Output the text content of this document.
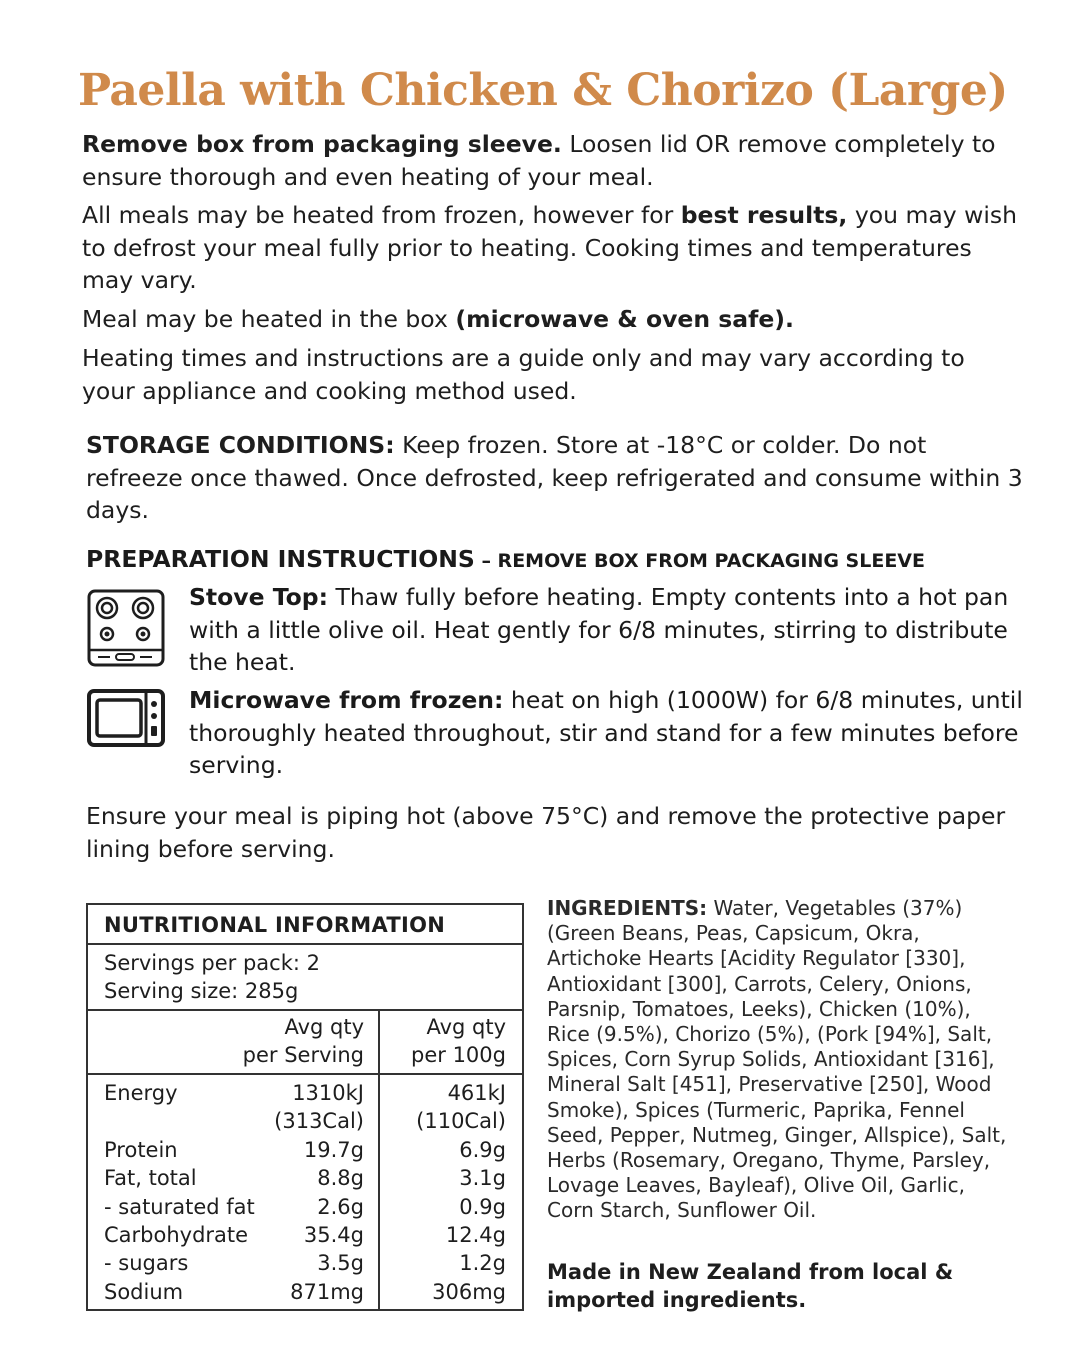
Paella with Chicken & Chorizo (Large)
Remove box from packaging sleeve. Loosen lid OR remove completely to ensure thorough and even heating of your meal.
All meals may be heated from frozen, however for best results, you may wish to defrost your meal fully prior to heating. Cooking times and temperatures may vary.
Meal may be heated in the box (microwave & oven safe).
Heating times and instructions are a guide only and may vary according to your appliance and cooking method used.
STORAGE CONDITIONS: Keep frozen. Store at -18°C or colder. Do not refreeze once thawed. Once defrosted, keep refrigerated and consume within 3 days.
PREPARATION INSTRUCTIONS – REMOVE BOX FROM PACKAGING SLEEVE
Stove Top: Thaw fully before heating. Empty contents into a hot pan with a little olive oil. Heat gently for 6/8 minutes, stirring to distribute the heat.
Microwave from frozen: heat on high (1000W) for 6/8 minutes, until thoroughly heated throughout, stir and stand for a few minutes before serving.
Ensure your meal is piping hot (above 75°C) and remove the protective paper lining before serving.
NUTRITIONAL INFORMATION
Servings per pack: 2
Serving size: 285g
Avg qty
per Serving
Avg qty
per 100g
Energy	1310kJ	461kJ
(313Cal) (110Cal)
Protein	19.7g	6.9g
Fat, total	8.8g	3.1g
- saturated fat	2.6g	0.9g
Carbohydrate	35.4g	12.4g
- sugars	3.5g	1.2g
Sodium	871mg	306mg
INGREDIENTS: Water, Vegetables (37%) (Green Beans, Peas, Capsicum, Okra, Artichoke Hearts [Acidity Regulator [330], Antioxidant [300], Carrots, Celery, Onions, Parsnip, Tomatoes, Leeks), Chicken (10%), Rice (9.5%), Chorizo (5%), (Pork [94%], Salt, Spices, Corn Syrup Solids, Antioxidant [316], Mineral Salt [451], Preservative [250], Wood Smoke), Spices (Turmeric, Paprika, Fennel Seed, Pepper, Nutmeg, Ginger, Allspice), Salt, Herbs (Rosemary, Oregano, Thyme, Parsley, Lovage Leaves, Bayleaf), Olive Oil, Garlic, Corn Starch, Sunflower Oil.
Made in New Zealand from local & imported ingredients.
